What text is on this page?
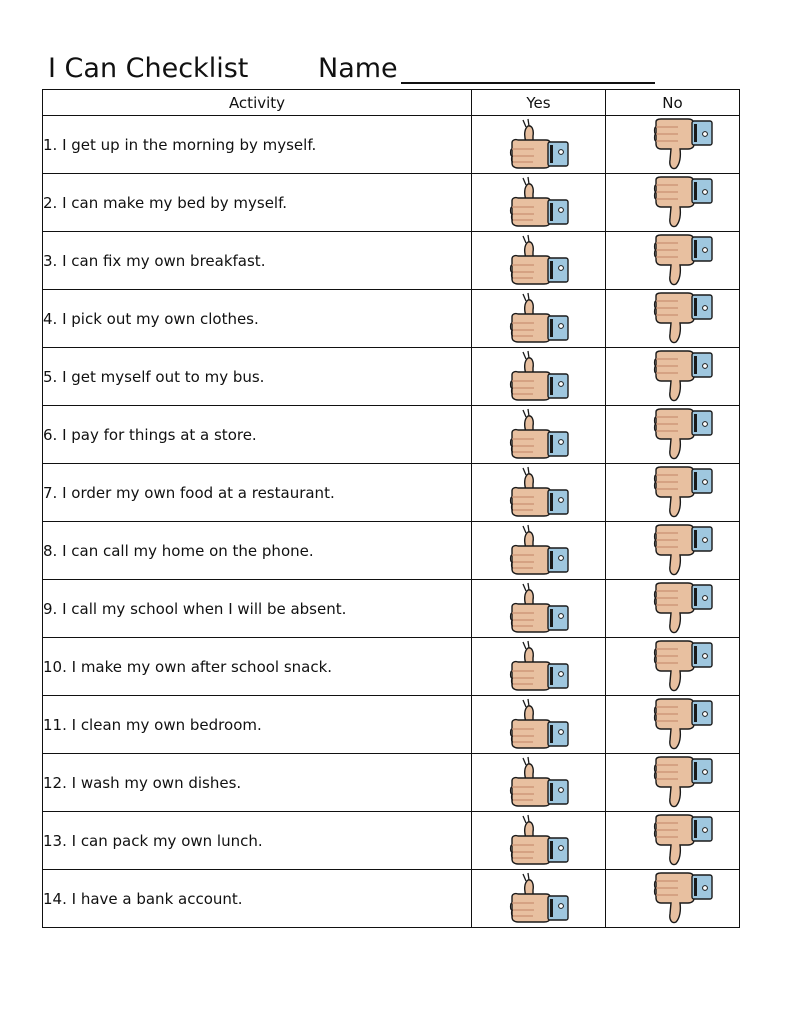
I Can Checklist	Name
Activity	Yes	No
1. I get up in the morning by myself.	

2. I can make my bed by myself.	

3. I can fix my own breakfast.	

4. I pick out my own clothes.	

5. I get myself out to my bus.	

6. I pay for things at a store.	

7. I order my own food at a restaurant.	

8. I can call my home on the phone.	

9. I call my school when I will be absent.	

10. I make my own after school snack.	

11. I clean my own bedroom.	

12. I wash my own dishes.	

13. I can pack my own lunch.	

14. I have a bank account.	
